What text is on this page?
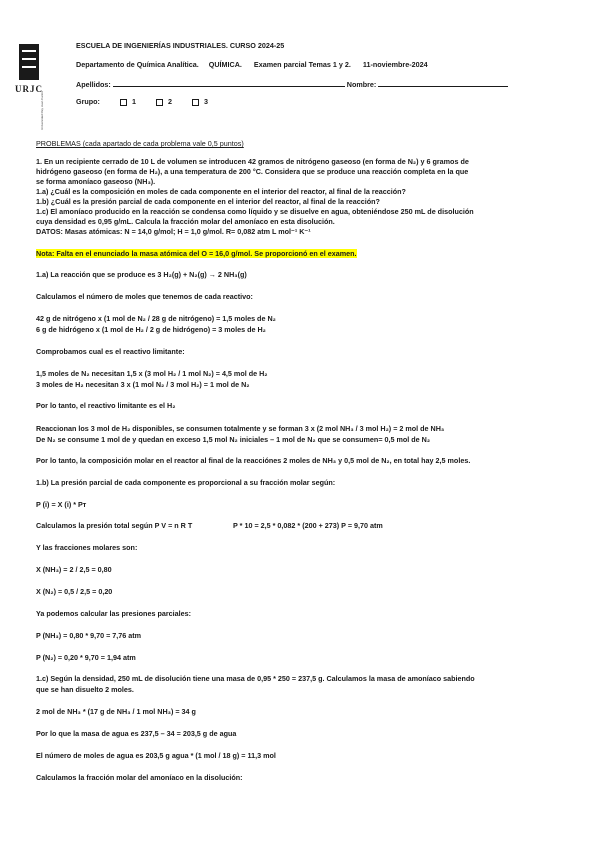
URJC
Universidad Rey Juan Carlos
ESCUELA DE INGENIERÍAS INDUSTRIALES. CURSO 2024-25
Departamento de Química Analítica. QUÍMICA. Examen parcial Temas 1 y 2. 11-noviembre-2024
Apellidos:	Nombre:
Grupo:	1	2	3
PROBLEMAS (cada apartado de cada problema vale 0,5 puntos)
1. En un recipiente cerrado de 10 L de volumen se introducen 42 gramos de nitrógeno gaseoso (en forma de N₂) y 6 gramos de
hidrógeno gaseoso (en forma de H₂), a una temperatura de 200 °C. Considera que se produce una reacción completa en la que
se forma amoníaco gaseoso (NH₃).
1.a) ¿Cuál es la composición en moles de cada componente en el interior del reactor, al final de la reacción?
1.b) ¿Cuál es la presión parcial de cada componente en el interior del reactor, al final de la reacción?
1.c) El amoníaco producido en la reacción se condensa como líquido y se disuelve en agua, obteniéndose 250 mL de disolución
cuya densidad es 0,95 g/mL. Calcula la fracción molar del amoníaco en esta disolución.
DATOS: Masas atómicas: N = 14,0 g/mol; H = 1,0 g/mol. R= 0,082 atm L mol⁻¹ K⁻¹
Nota: Falta en el enunciado la masa atómica del O = 16,0 g/mol. Se proporcionó en el examen.
1.a) La reacción que se produce es 3 H₂(g) + N₂(g) → 2 NH₃(g)
Calculamos el número de moles que tenemos de cada reactivo:
42 g de nitrógeno x (1 mol de N₂ / 28 g de nitrógeno) = 1,5 moles de N₂
6 g de hidrógeno x (1 mol de H₂ / 2 g de hidrógeno) = 3 moles de H₂
Comprobamos cual es el reactivo limitante:
1,5 moles de N₂ necesitan 1,5 x (3 mol H₂ / 1 mol N₂) = 4,5 mol de H₂
3 moles de H₂ necesitan 3 x (1 mol N₂ / 3 mol H₂) = 1 mol de N₂
Por lo tanto, el reactivo limitante es el H₂
Reaccionan los 3 mol de H₂ disponibles, se consumen totalmente y se forman 3 x (2 mol NH₃ / 3 mol H₂) = 2 mol de NH₃
De N₂ se consume 1 mol de y quedan en exceso 1,5 mol N₂ iniciales – 1 mol de N₂ que se consumen= 0,5 mol de N₂
Por lo tanto, la composición molar en el reactor al final de la reacciónes 2 moles de NH₃ y 0,5 mol de N₂, en total hay 2,5 moles.
1.b) La presión parcial de cada componente es proporcional a su fracción molar según:
P (i) = X (i) * Pᴛ
Calculamos la presión total según P V = n R T	P * 10 = 2,5 * 0,082 * (200 + 273) P = 9,70 atm
Y las fracciones molares son:
X (NH₃) = 2 / 2,5 = 0,80
X (N₂) = 0,5 / 2,5 = 0,20
Ya podemos calcular las presiones parciales:
P (NH₃) = 0,80 * 9,70 = 7,76 atm
P (N₂) = 0,20 * 9,70 = 1,94 atm
1.c) Según la densidad, 250 mL de disolución tiene una masa de 0,95 * 250 = 237,5 g. Calculamos la masa de amoníaco sabiendo
que se han disuelto 2 moles.
2 mol de NH₃ * (17 g de NH₃ / 1 mol NH₃) = 34 g
Por lo que la masa de agua es 237,5 – 34 = 203,5 g de agua
El número de moles de agua es 203,5 g agua * (1 mol / 18 g) = 11,3 mol
Calculamos la fracción molar del amoníaco en la disolución:
